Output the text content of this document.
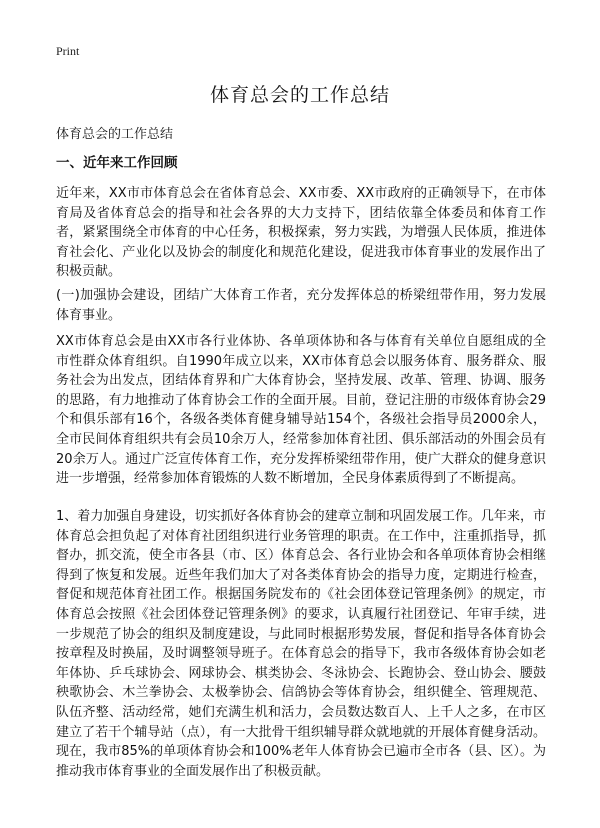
Print
体育总会的工作总结
体育总会的工作总结
一、近年来工作回顾

近年来，XX市市体育总会在省体育总会、XX市委、XX市政府的正确领导下，在市体育局及省体育总会的指导和社会各界的大力支持下，团结依靠全体委员和体育工作者，紧紧围绕全市体育的中心任务，积极探索，努力实践，为增强人民体质，推进体育社会化、产业化以及协会的制度化和规范化建设，促进我市体育事业的发展作出了积极贡献。

(一)加强协会建设，团结广大体育工作者，充分发挥体总的桥梁纽带作用，努力发展体育事业。

XX市体育总会是由XX市各行业体协、各单项体协和各与体育有关单位自愿组成的全市性群众体育组织。自1990年成立以来，XX市体育总会以服务体育、服务群众、服务社会为出发点，团结体育界和广大体育协会，坚持发展、改革、管理、协调、服务的思路，有力地推动了体育协会工作的全面开展。目前，登记注册的市级体育协会29个和俱乐部有16个，各级各类体育健身辅导站154个，各级社会指导员2000余人，全市民间体育组织共有会员10余万人，经常参加体育社团、俱乐部活动的外围会员有20余万人。通过广泛宣传体育工作，充分发挥桥梁纽带作用，使广大群众的健身意识进一步增强，经常参加体育锻炼的人数不断增加，全民身体素质得到了不断提高。

1、着力加强自身建设，切实抓好各体育协会的建章立制和巩固发展工作。几年来，市体育总会担负起了对体育社团组织进行业务管理的职责。在工作中，注重抓指导，抓督办，抓交流，使全市各县（市、区）体育总会、各行业协会和各单项体育协会相继得到了恢复和发展。近些年我们加大了对各类体育协会的指导力度，定期进行检查，督促和规范体育社团工作。根据国务院发布的《社会团体登记管理条例》的规定，市体育总会按照《社会团体登记管理条例》的要求，认真履行社团登记、年审手续，进一步规范了协会的组织及制度建设，与此同时根据形势发展，督促和指导各体育协会按章程及时换届，及时调整领导班子。在体育总会的指导下，我市各级体育协会如老年体协、乒乓球协会、网球协会、棋类协会、冬泳协会、长跑协会、登山协会、腰鼓秧歌协会、木兰拳协会、太极拳协会、信鸽协会等体育协会，组织健全、管理规范、队伍齐整、活动经常，她们充满生机和活力，会员数达数百人、上千人之多，在市区建立了若干个辅导站（点），有一大批骨干组织辅导群众就地就的开展体育健身活动。现在，我市85%的单项体育协会和100%老年人体育协会已遍市全市各（县、区）。为推动我市体育事业的全面发展作出了积极贡献。
